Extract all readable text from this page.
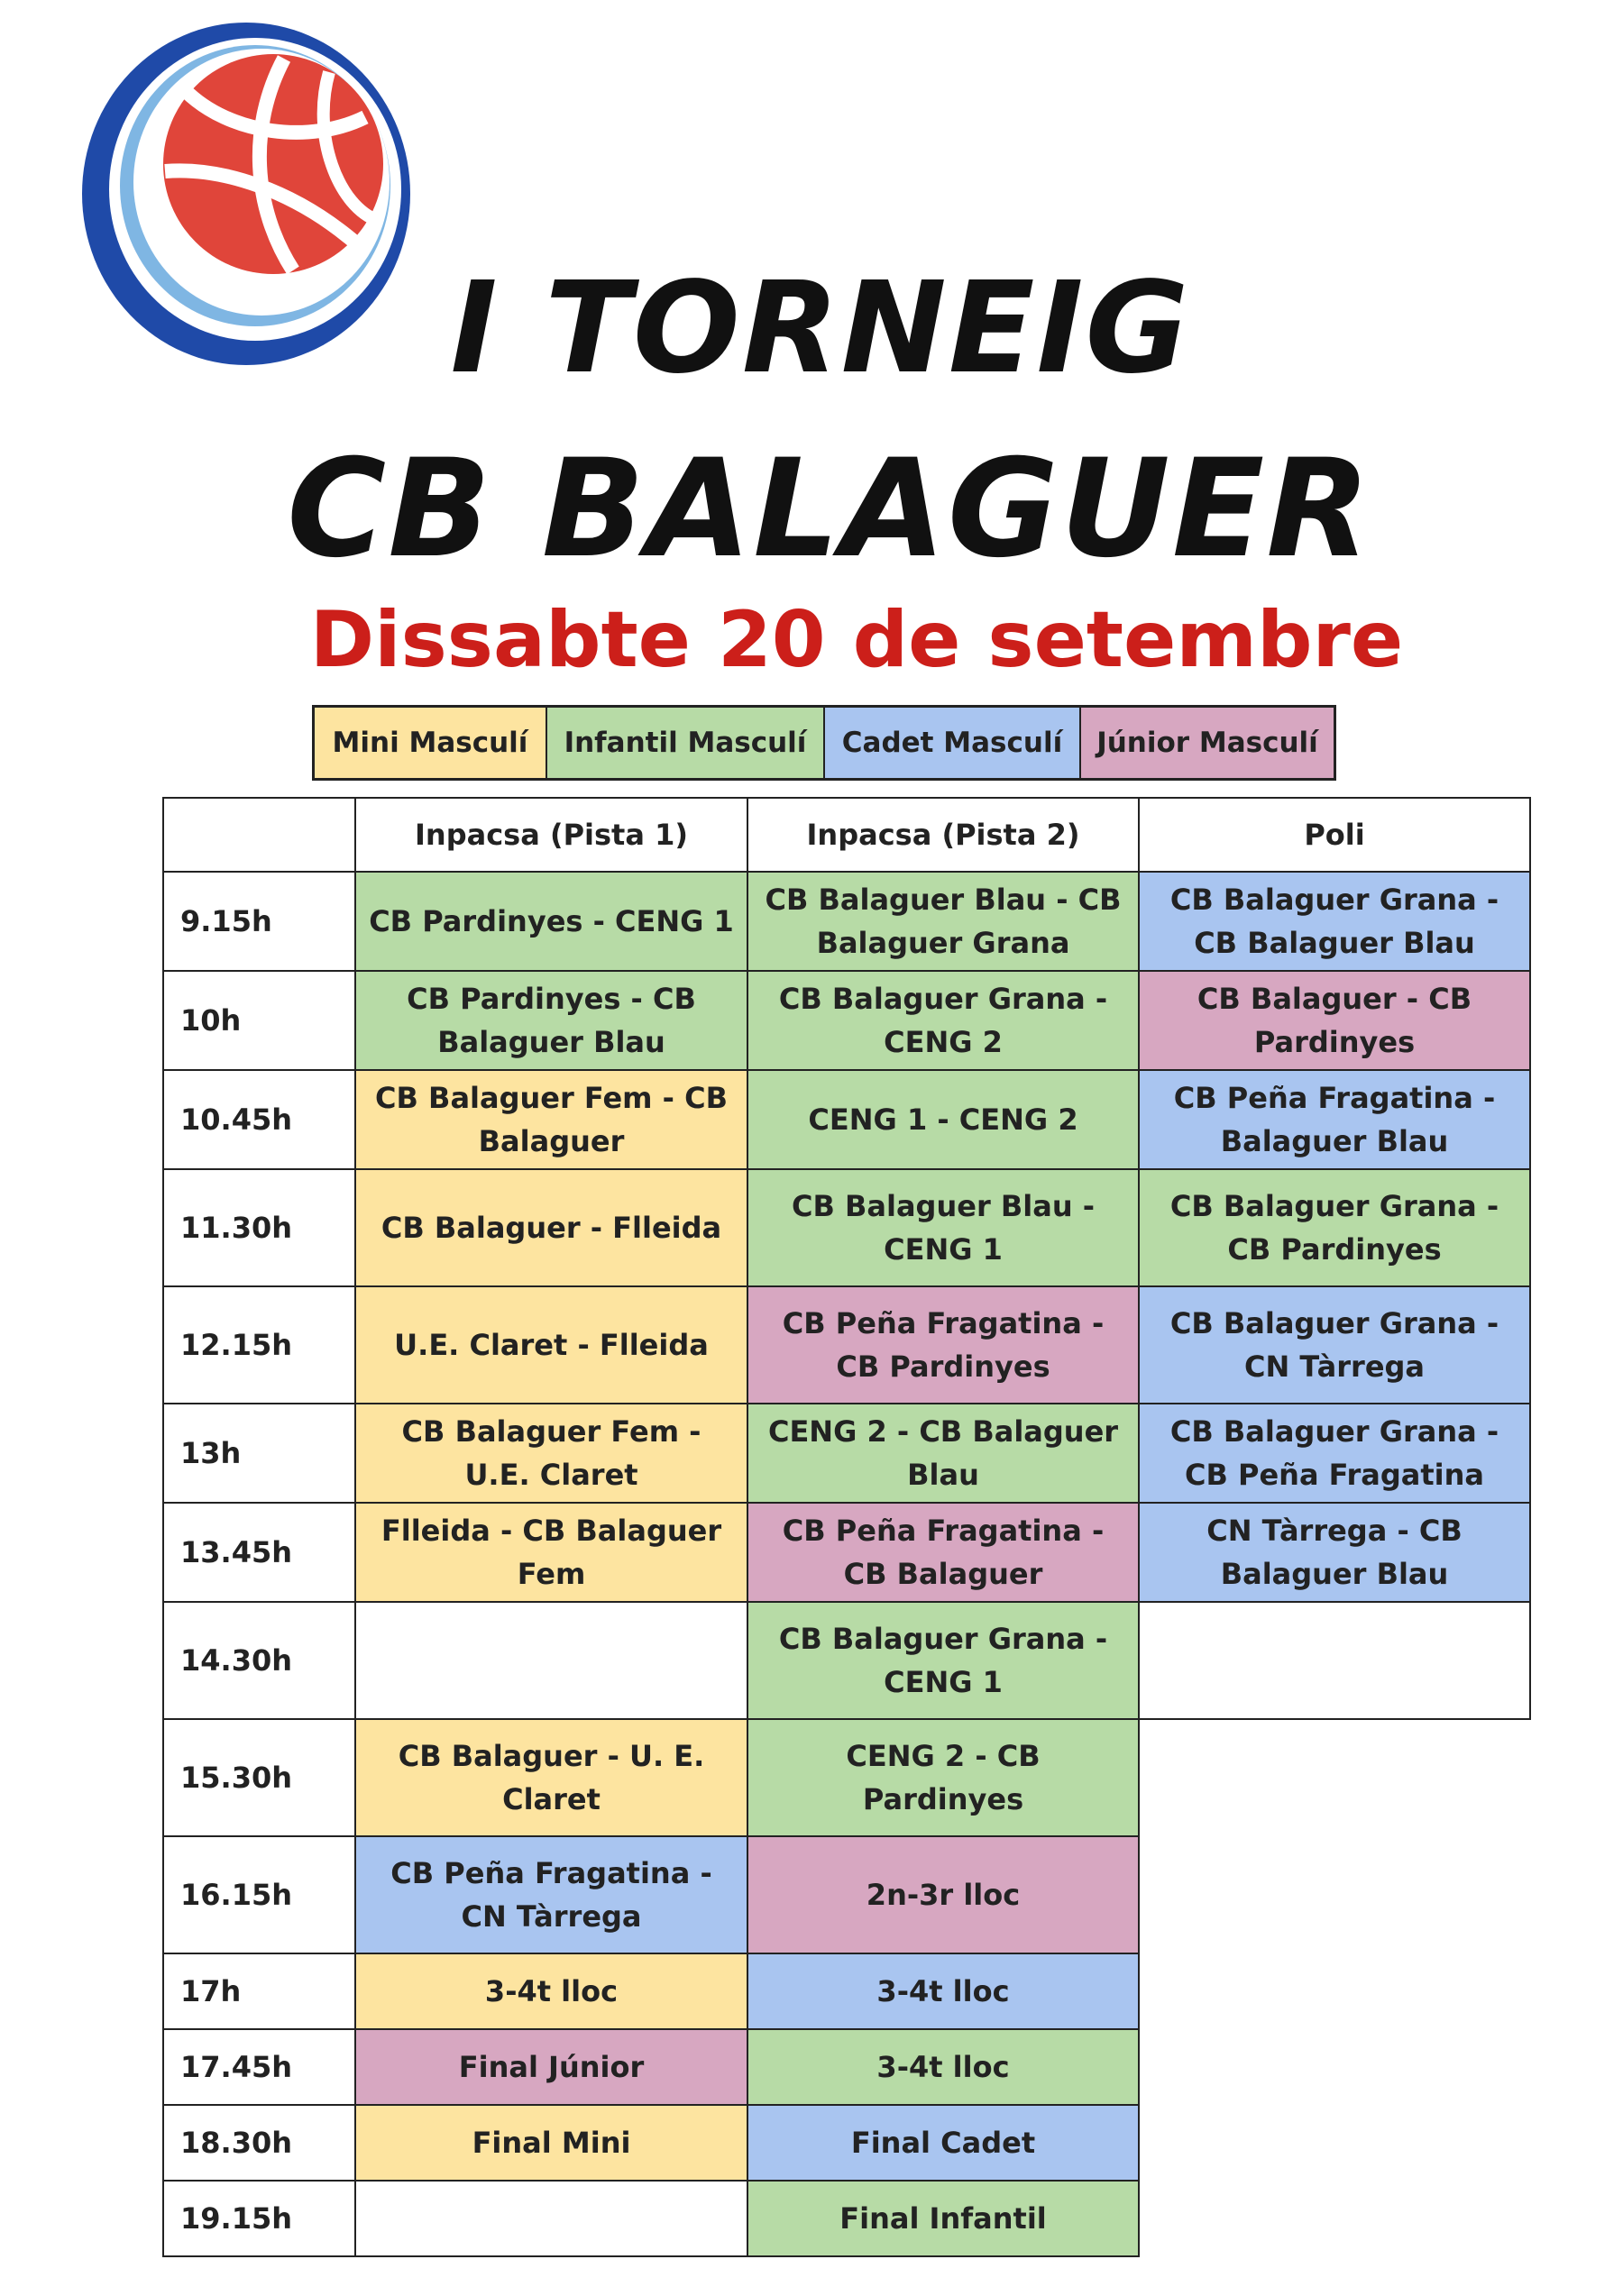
I TORNEIG
CB BALAGUER
Dissabte 20 de setembre
Mini Masculí	Infantil Masculí	Cadet Masculí	Júnior Masculí
	Inpacsa (Pista 1)	Inpacsa (Pista 2)	Poli
9.15h	CB Pardinyes - CENG 1	CB Balaguer Blau - CB Balaguer Grana	CB Balaguer Grana - CB Balaguer Blau
10h	CB Pardinyes - CB Balaguer Blau	CB Balaguer Grana - CENG 2	CB Balaguer - CB Pardinyes
10.45h	CB Balaguer Fem - CB Balaguer	CENG 1 - CENG 2	CB Peña Fragatina - Balaguer Blau
11.30h	CB Balaguer - Flleida	CB Balaguer Blau - CENG 1	CB Balaguer Grana - CB Pardinyes
12.15h	U.E. Claret - Flleida	CB Peña Fragatina - CB Pardinyes	CB Balaguer Grana - CN Tàrrega
13h	CB Balaguer Fem - U.E. Claret	CENG 2 - CB Balaguer Blau	CB Balaguer Grana - CB Peña Fragatina
13.45h	Flleida - CB Balaguer Fem	CB Peña Fragatina - CB Balaguer	CN Tàrrega - CB Balaguer Blau
14.30h		CB Balaguer Grana - CENG 1	
15.30h	CB Balaguer - U. E. Claret	CENG 2 - CB Pardinyes	
16.15h	CB Peña Fragatina - CN Tàrrega	2n-3r lloc	
17h	3-4t lloc	3-4t lloc	
17.45h	Final Júnior	3-4t lloc	
18.30h	Final Mini	Final Cadet	
19.15h		Final Infantil	
